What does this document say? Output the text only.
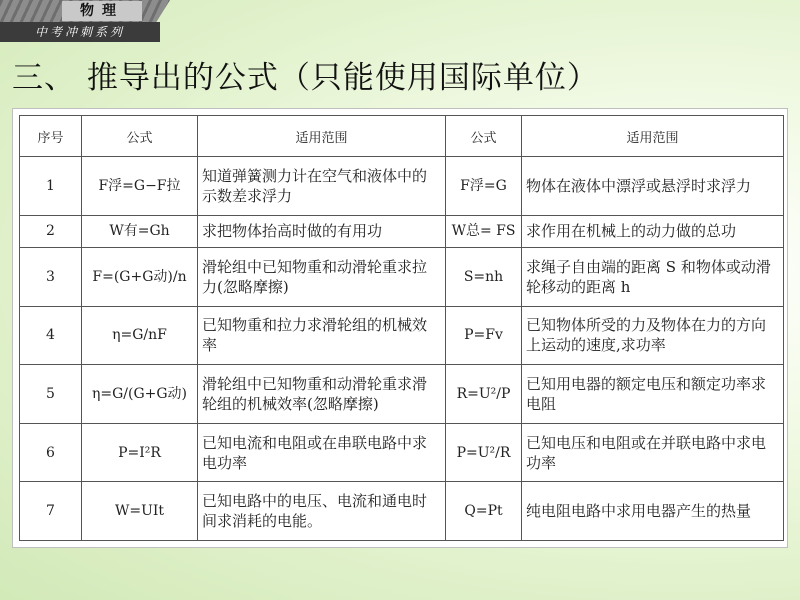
物理
中考冲刺系列
三、 推导出的公式（只能使用国际单位）
序号	公式	适用范围	公式	适用范围
1	F浮=G−F拉	知道弹簧测力计在空气和液体中的示数差求浮力	F浮=G	物体在液体中漂浮或悬浮时求浮力
2	W有=Gh	求把物体抬高时做的有用功	W总= FS	求作用在机械上的动力做的总功
3	F=(G+G动)/n	滑轮组中已知物重和动滑轮重求拉力(忽略摩擦)	S=nh	求绳子自由端的距离 S 和物体或动滑轮移动的距离 h
4	η=G/nF	已知物重和拉力求滑轮组的机械效率	P=Fv	已知物体所受的力及物体在力的方向上运动的速度,求功率
5	η=G/(G+G动)	滑轮组中已知物重和动滑轮重求滑轮组的机械效率(忽略摩擦)	R=U²/P	已知用电器的额定电压和额定功率求电阻
6	P=I²R	已知电流和电阻或在串联电路中求电功率	P=U²/R	已知电压和电阻或在并联电路中求电功率
7	W=UIt	已知电路中的电压、电流和通电时间求消耗的电能。	Q=Pt	纯电阻电路中求用电器产生的热量
